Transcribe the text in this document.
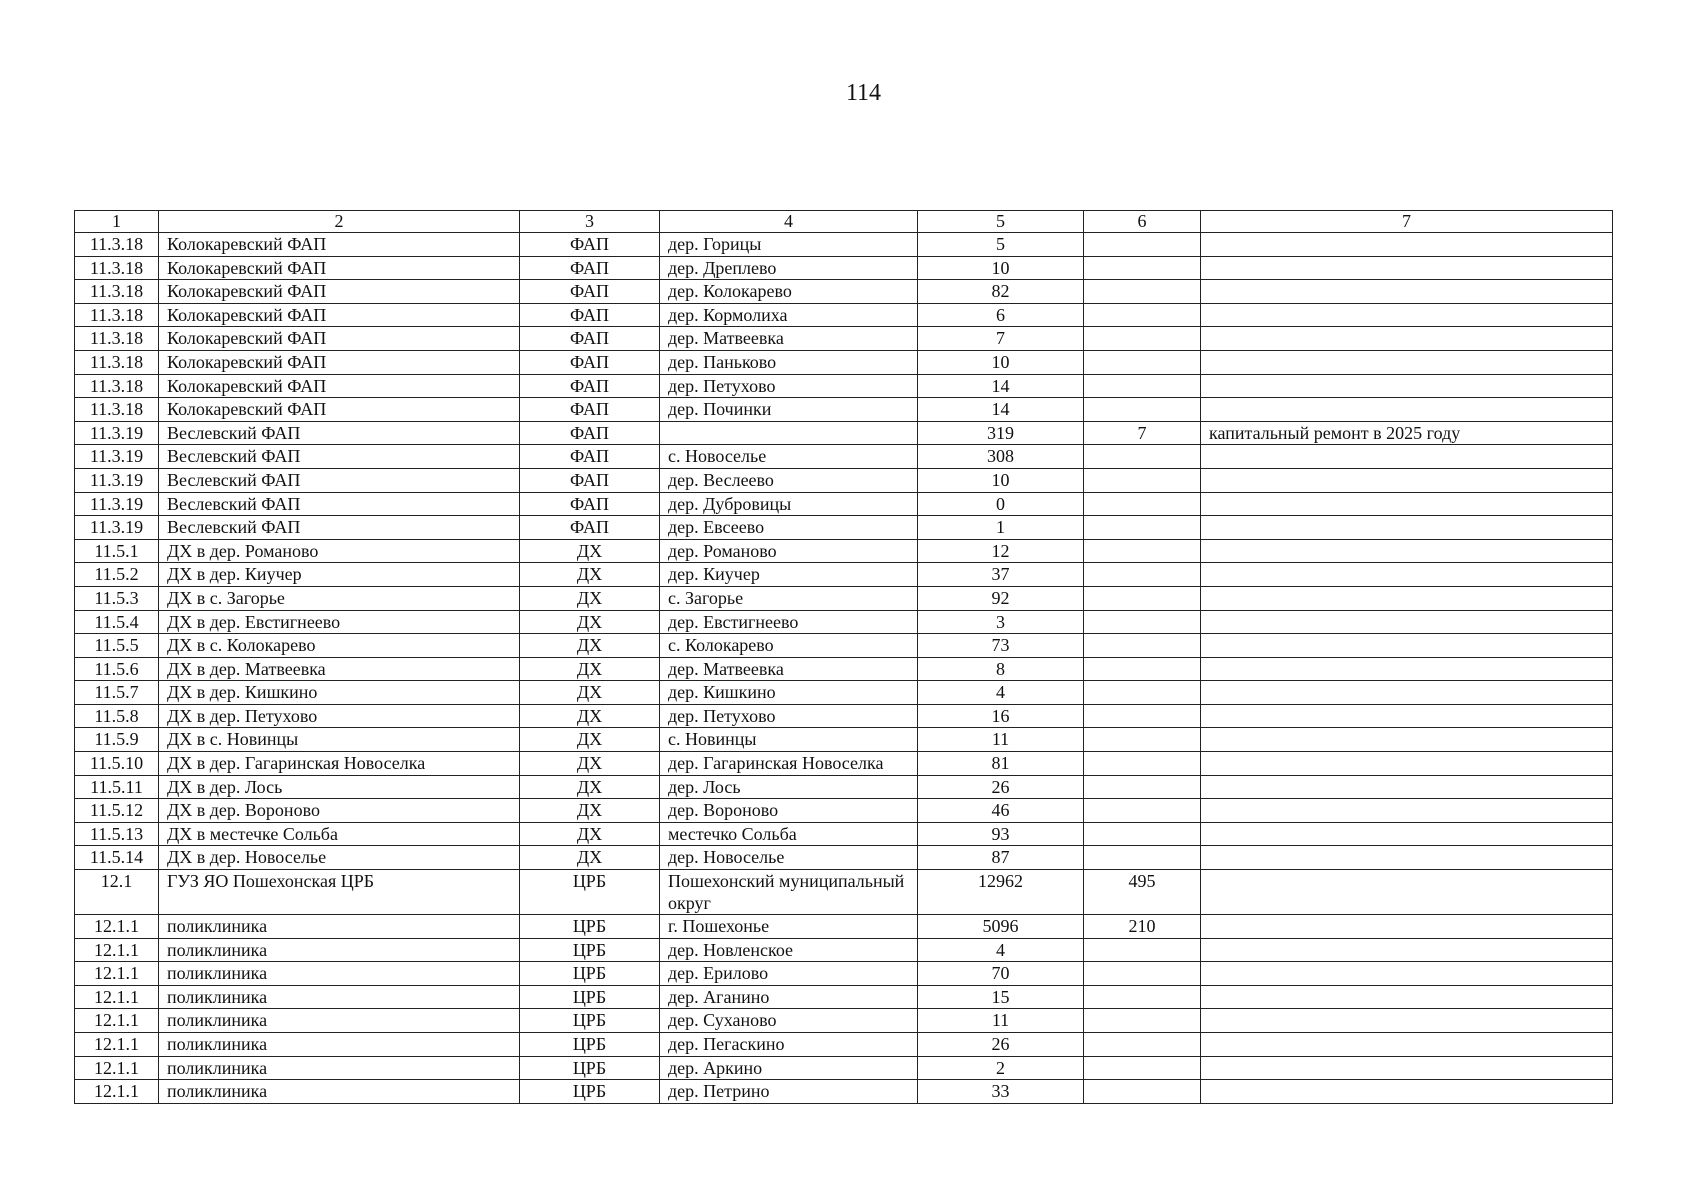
114
1	2	3	4	5	6	7
11.3.18	Колокаревский ФАП	ФАП	дер. Горицы	5		
11.3.18	Колокаревский ФАП	ФАП	дер. Дреплево	10		
11.3.18	Колокаревский ФАП	ФАП	дер. Колокарево	82		
11.3.18	Колокаревский ФАП	ФАП	дер. Кормолиха	6		
11.3.18	Колокаревский ФАП	ФАП	дер. Матвеевка	7		
11.3.18	Колокаревский ФАП	ФАП	дер. Паньково	10		
11.3.18	Колокаревский ФАП	ФАП	дер. Петухово	14		
11.3.18	Колокаревский ФАП	ФАП	дер. Починки	14		
11.3.19	Веслевский ФАП	ФАП		319	7	капитальный ремонт в 2025 году
11.3.19	Веслевский ФАП	ФАП	с. Новоселье	308		
11.3.19	Веслевский ФАП	ФАП	дер. Веслеево	10		
11.3.19	Веслевский ФАП	ФАП	дер. Дубровицы	0		
11.3.19	Веслевский ФАП	ФАП	дер. Евсеево	1		
11.5.1	ДХ в дер. Романово	ДХ	дер. Романово	12		
11.5.2	ДХ в дер. Киучер	ДХ	дер. Киучер	37		
11.5.3	ДХ в с. Загорье	ДХ	с. Загорье	92		
11.5.4	ДХ в дер. Евстигнеево	ДХ	дер. Евстигнеево	3		
11.5.5	ДХ в с. Колокарево	ДХ	с. Колокарево	73		
11.5.6	ДХ в дер. Матвеевка	ДХ	дер. Матвеевка	8		
11.5.7	ДХ в дер. Кишкино	ДХ	дер. Кишкино	4		
11.5.8	ДХ в дер. Петухово	ДХ	дер. Петухово	16		
11.5.9	ДХ в с. Новинцы	ДХ	с. Новинцы	11		
11.5.10	ДХ в дер. Гагаринская Новоселка	ДХ	дер. Гагаринская Новоселка	81		
11.5.11	ДХ в дер. Лось	ДХ	дер. Лось	26		
11.5.12	ДХ в дер. Вороново	ДХ	дер. Вороново	46		
11.5.13	ДХ в местечке Сольба	ДХ	местечко Сольба	93		
11.5.14	ДХ в дер. Новоселье	ДХ	дер. Новоселье	87		
12.1	ГУЗ ЯО Пошехонская ЦРБ	ЦРБ	Пошехонский муниципальный округ	12962	495	
12.1.1	поликлиника	ЦРБ	г. Пошехонье	5096	210	
12.1.1	поликлиника	ЦРБ	дер. Новленское	4		
12.1.1	поликлиника	ЦРБ	дер. Ерилово	70		
12.1.1	поликлиника	ЦРБ	дер. Аганино	15		
12.1.1	поликлиника	ЦРБ	дер. Суханово	11		
12.1.1	поликлиника	ЦРБ	дер. Пегаскино	26		
12.1.1	поликлиника	ЦРБ	дер. Аркино	2		
12.1.1	поликлиника	ЦРБ	дер. Петрино	33		
